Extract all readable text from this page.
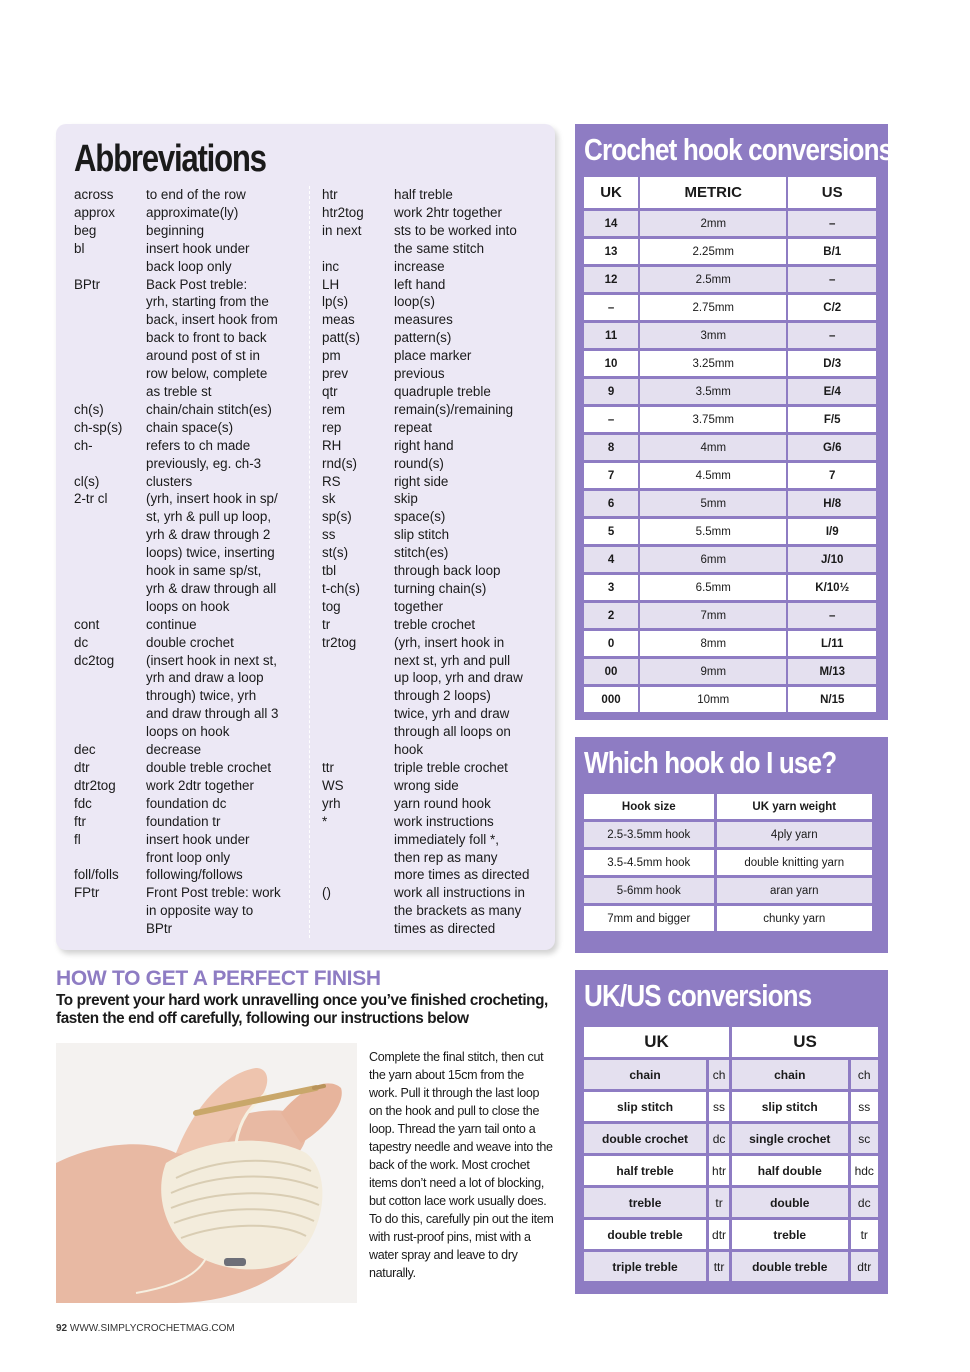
Abbreviations
across	to end of the row
approx	approximate(ly)
beg	beginning
bl	insert hook under
back loop only
BPtr	Back Post treble:
yrh, starting from the
back, insert hook from
back to front to back
around post of st in
row below, complete
as treble st
ch(s)	chain/chain stitch(es)
ch-sp(s)	chain space(s)
ch-	refers to ch made
previously, eg. ch-3
cl(s)	clusters
2-tr cl	(yrh, insert hook in sp/
st, yrh & pull up loop,
yrh & draw through 2
loops) twice, inserting
hook in same sp/st,
yrh & draw through all
loops on hook
cont	continue
dc	double crochet
dc2tog	(insert hook in next st,
yrh and draw a loop
through) twice, yrh
and draw through all 3
loops on hook
dec	decrease
dtr	double treble crochet
dtr2tog	work 2dtr together
fdc	foundation dc
ftr	foundation tr
fl	insert hook under
front loop only
foll/folls	following/follows
FPtr	Front Post treble: work
in opposite way to
BPtr
htr	half treble
htr2tog	work 2htr together
in next	sts to be worked into
the same stitch
inc	increase
LH	left hand
lp(s)	loop(s)
meas	measures
patt(s)	pattern(s)
pm	place marker
prev	previous
qtr	quadruple treble
rem	remain(s)/remaining
rep	repeat
RH	right hand
rnd(s)	round(s)
RS	right side
sk	skip
sp(s)	space(s)
ss	slip stitch
st(s)	stitch(es)
tbl	through back loop
t-ch(s)	turning chain(s)
tog	together
tr	treble crochet
tr2tog	(yrh, insert hook in
next st, yrh and pull
up loop, yrh and draw
through 2 loops)
twice, yrh and draw
through all loops on
hook
ttr	triple treble crochet
WS	wrong side
yrh	yarn round hook
*	work instructions
immediately foll *,
then rep as many
more times as directed
()	work all instructions in
the brackets as many
times as directed
Crochet hook conversions
UK	METRIC	US
14	2mm	–
13	2.25mm	B/1
12	2.5mm	–
–	2.75mm	C/2
11	3mm	–
10	3.25mm	D/3
9	3.5mm	E/4
–	3.75mm	F/5
8	4mm	G/6
7	4.5mm	7
6	5mm	H/8
5	5.5mm	I/9
4	6mm	J/10
3	6.5mm	K/10½
2	7mm	–
0	8mm	L/11
00	9mm	M/13
000	10mm	N/15
Which hook do I use?
Hook size	UK yarn weight
2.5-3.5mm hook	4ply yarn
3.5-4.5mm hook	double knitting yarn
5-6mm hook	aran yarn
7mm and bigger	chunky yarn
UK/US conversions
UK		US	
chain	ch	chain	ch
slip stitch	ss	slip stitch	ss
double crochet	dc	single crochet	sc
half treble	htr	half double	hdc
treble	tr	double	dc
double treble	dtr	treble	tr
triple treble	ttr	double treble	dtr
HOW TO GET A PERFECT FINISH
To prevent your hard work unravelling once you’ve finished crocheting, fasten the end off carefully, following our instructions below
Complete the final stitch, then cut the yarn about 15cm from the work. Pull it through the last loop on the hook and pull to close the loop. Thread the yarn tail onto a tapestry needle and weave into the back of the work. Most crochet items don’t need a lot of blocking, but cotton lace work usually does. To do this, carefully pin out the item with rust-proof pins, mist with a water spray and leave to dry naturally.
92 WWW.SIMPLYCROCHETMAG.COM
